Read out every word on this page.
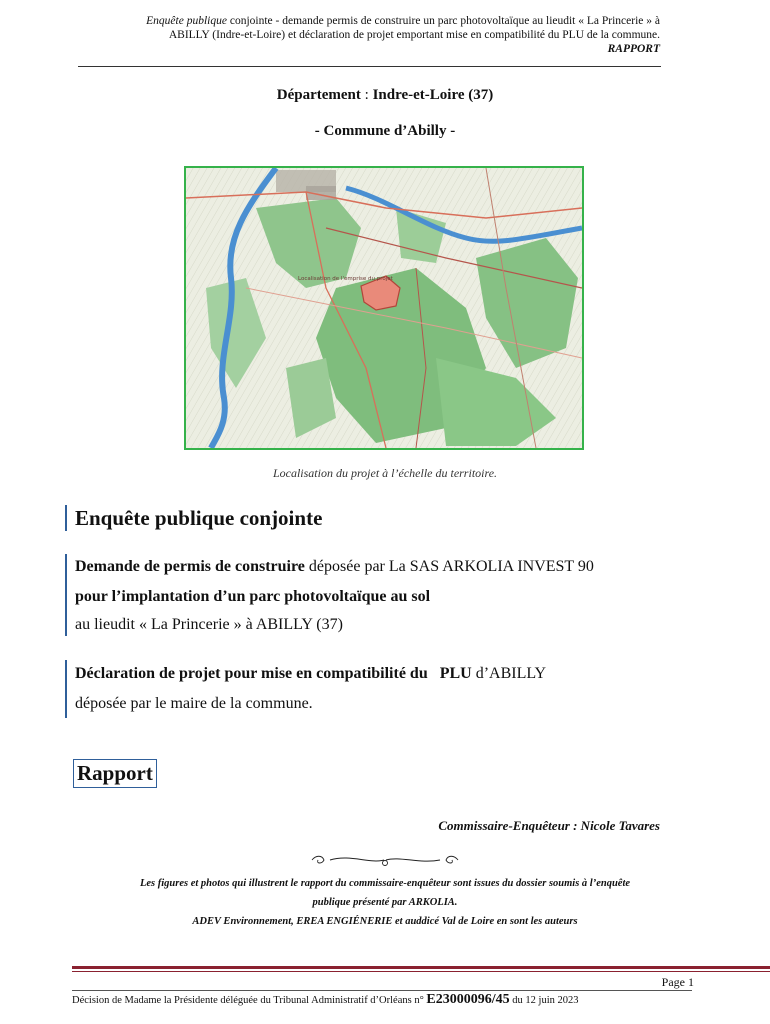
Enquête publique conjointe - demande permis de construire un parc photovoltaïque au lieudit « La Princerie » à
ABILLY (Indre-et-Loire) et déclaration de projet emportant mise en compatibilité du PLU de la commune.
RAPPORT
Département : Indre-et-Loire (37)
- Commune d’Abilly -
Localisation de l'emprise du projet
Localisation du projet à l’échelle du territoire.
Enquête publique conjointe
Demande de permis de construire déposée par La SAS ARKOLIA INVEST 90
pour l’implantation d’un parc photovoltaïque au sol
au lieudit « La Princerie » à ABILLY (37)
Déclaration de projet pour mise en compatibilité du PLU d’ABILLY
déposée par le maire de la commune.
Rapport
Commissaire-Enquêteur : Nicole Tavares
Les figures et photos qui illustrent le rapport du commissaire-enquêteur sont issues du dossier soumis à l’enquête
publique présenté par ARKOLIA.
ADEV Environnement, EREA ENGIÉNERIE et auddicé Val de Loire en sont les auteurs
Page 1
Décision de Madame la Présidente déléguée du Tribunal Administratif d’Orléans n° E23000096/45 du 12 juin 2023
